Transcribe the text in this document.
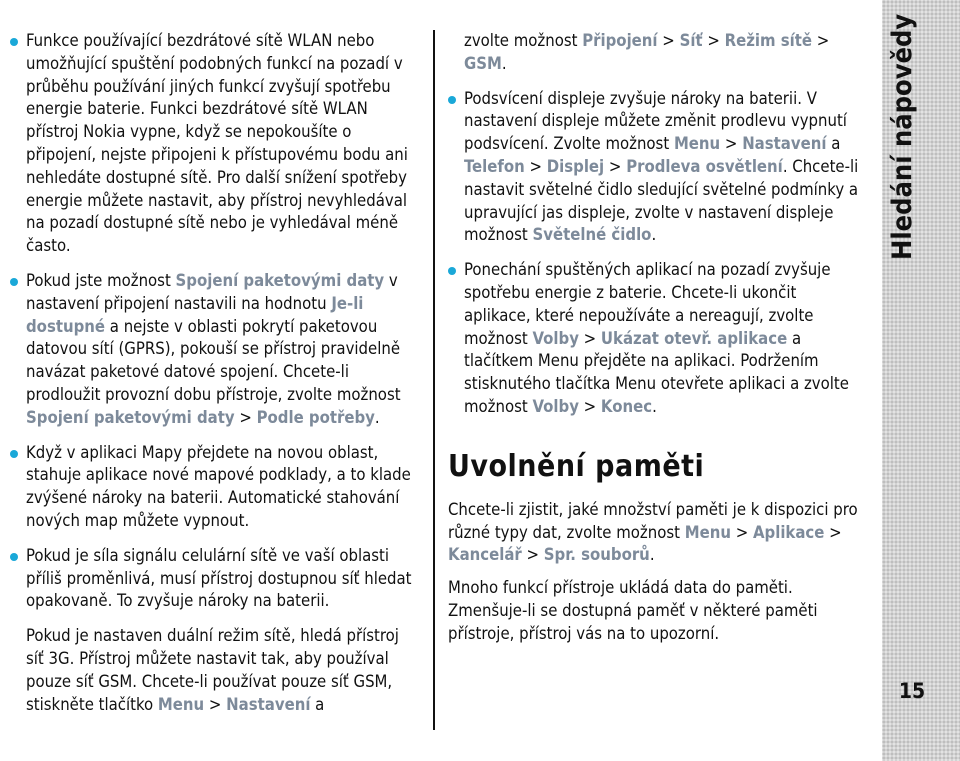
Funkce používající bezdrátové sítě WLAN nebo umožňující spuštění podobných funkcí na pozadí v průběhu používání jiných funkcí zvyšují spotřebu energie baterie. Funkci bezdrátové sítě WLAN přístroj Nokia vypne, když se nepokoušíte o připojení, nejste připojeni k přístupovému bodu ani nehledáte dostupné sítě. Pro další snížení spotřeby energie můžete nastavit, aby přístroj nevyhledával na pozadí dostupné sítě nebo je vyhledával méně často.
Pokud jste možnost Spojení paketovými daty v nastavení připojení nastavili na hodnotu Je-li dostupné a nejste v oblasti pokrytí paketovou datovou sítí (GPRS), pokouší se přístroj pravidelně navázat paketové datové spojení. Chcete-li prodloužit provozní dobu přístroje, zvolte možnost Spojení paketovými daty > Podle potřeby.
Když v aplikaci Mapy přejdete na novou oblast, stahuje aplikace nové mapové podklady, a to klade zvýšené nároky na baterii. Automatické stahování nových map můžete vypnout.
Pokud je síla signálu celulární sítě ve vaší oblasti příliš proměnlivá, musí přístroj dostupnou síť hledat opakovaně. To zvyšuje nároky na baterii.
Pokud je nastaven duální režim sítě, hledá přístroj síť 3G. Přístroj můžete nastavit tak, aby používal pouze síť GSM. Chcete-li používat pouze síť GSM, stiskněte tlačítko Menu > Nastavení a
zvolte možnost Připojení > Síť > Režim sítě > GSM.
Podsvícení displeje zvyšuje nároky na baterii. V nastavení displeje můžete změnit prodlevu vypnutí podsvícení. Zvolte možnost Menu > Nastavení a Telefon > Displej > Prodleva osvětlení. Chcete-li nastavit světelné čidlo sledující světelné podmínky a upravující jas displeje, zvolte v nastavení displeje možnost Světelné čidlo.
Ponechání spuštěných aplikací na pozadí zvyšuje spotřebu energie z baterie. Chcete-li ukončit aplikace, které nepoužíváte a nereagují, zvolte možnost Volby > Ukázat otevř. aplikace a tlačítkem Menu přejděte na aplikaci. Podržením stisknutého tlačítka Menu otevřete aplikaci a zvolte možnost Volby > Konec.
Uvolnění paměti
Chcete-li zjistit, jaké množství paměti je k dispozici pro různé typy dat, zvolte možnost Menu > Aplikace > Kancelář > Spr. souborů.
Mnoho funkcí přístroje ukládá data do paměti. Zmenšuje-li se dostupná paměť v některé paměti přístroje, přístroj vás na to upozorní.
Hledání nápovědy
15
